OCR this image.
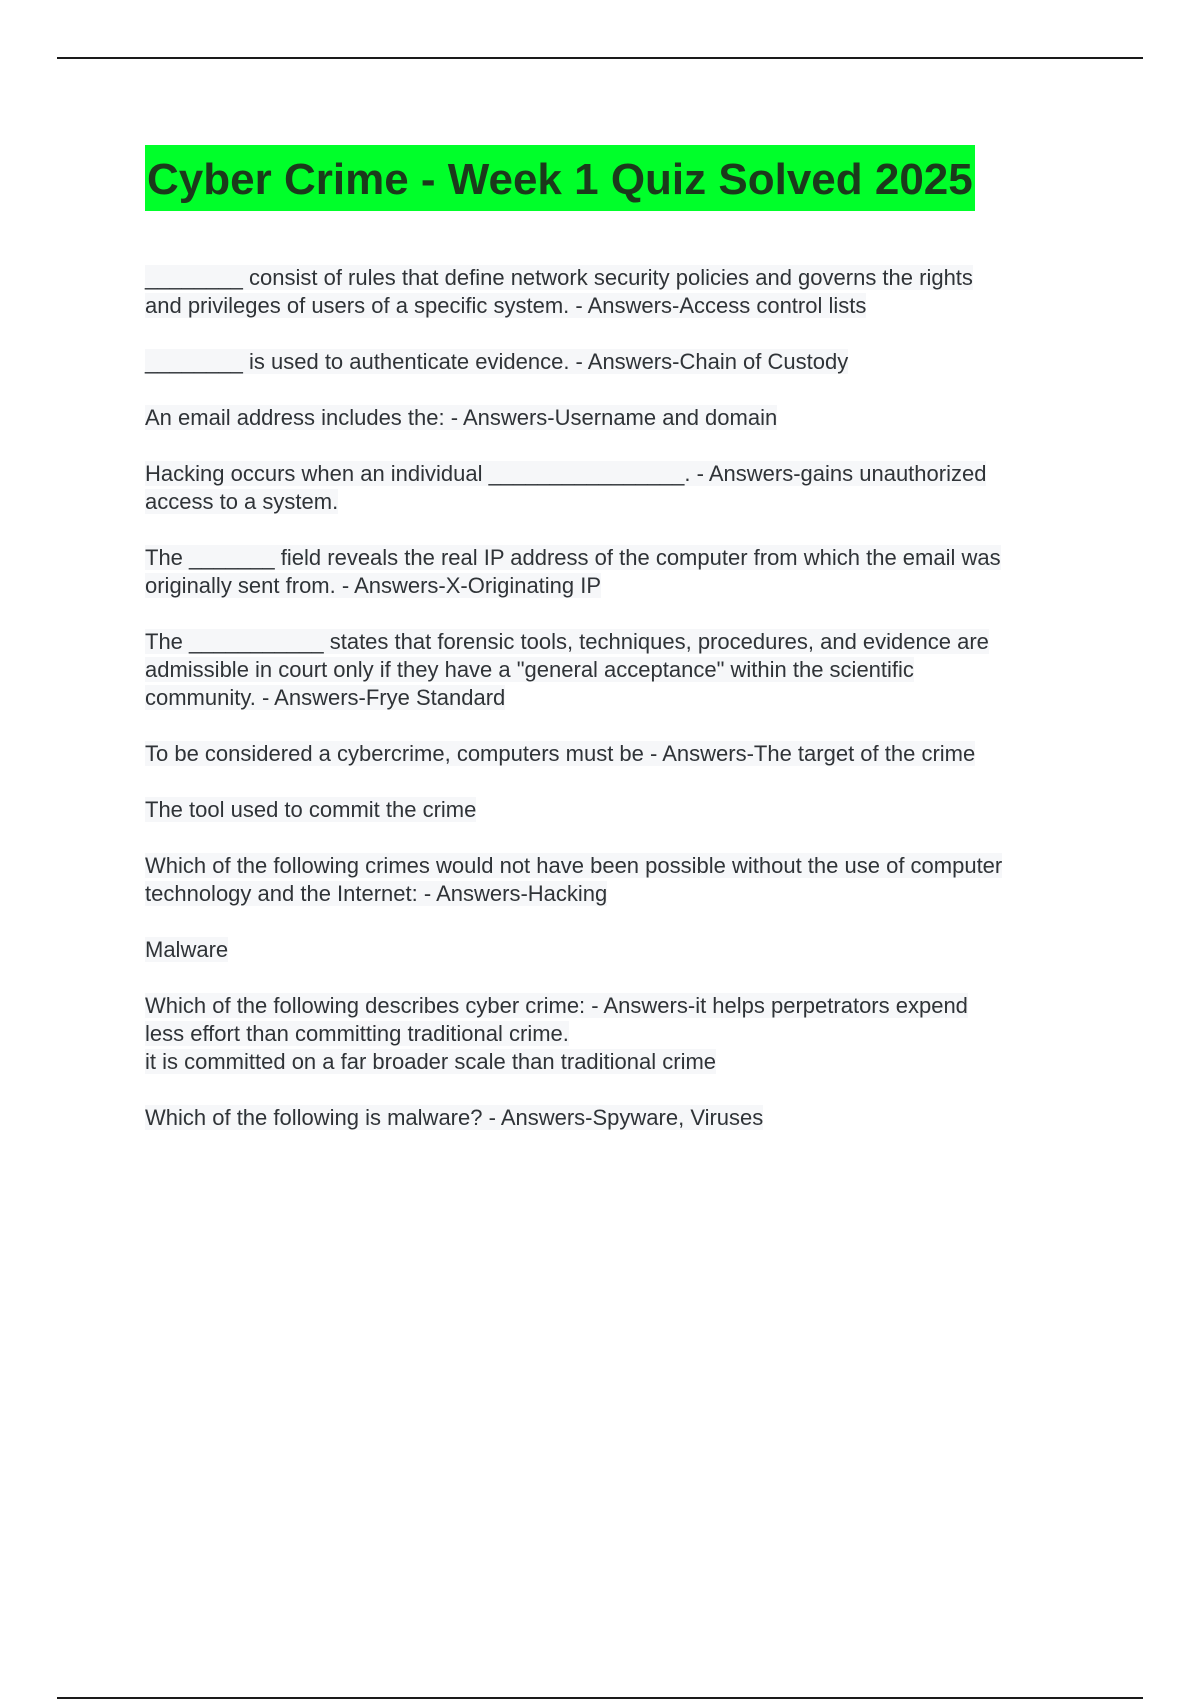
Cyber Crime - Week 1 Quiz Solved 2025

________ consist of rules that define network security policies and governs the rights
and privileges of users of a specific system. - Answers-Access control lists

________ is used to authenticate evidence. - Answers-Chain of Custody

An email address includes the: - Answers-Username and domain

Hacking occurs when an individual ________________. - Answers-gains unauthorized
access to a system.

The _______ field reveals the real IP address of the computer from which the email was
originally sent from. - Answers-X-Originating IP

The ___________ states that forensic tools, techniques, procedures, and evidence are
admissible in court only if they have a "general acceptance" within the scientific
community. - Answers-Frye Standard

To be considered a cybercrime, computers must be - Answers-The target of the crime

The tool used to commit the crime

Which of the following crimes would not have been possible without the use of computer
technology and the Internet: - Answers-Hacking

Malware

Which of the following describes cyber crime: - Answers-it helps perpetrators expend
less effort than committing traditional crime.
it is committed on a far broader scale than traditional crime

Which of the following is malware? - Answers-Spyware, Viruses
